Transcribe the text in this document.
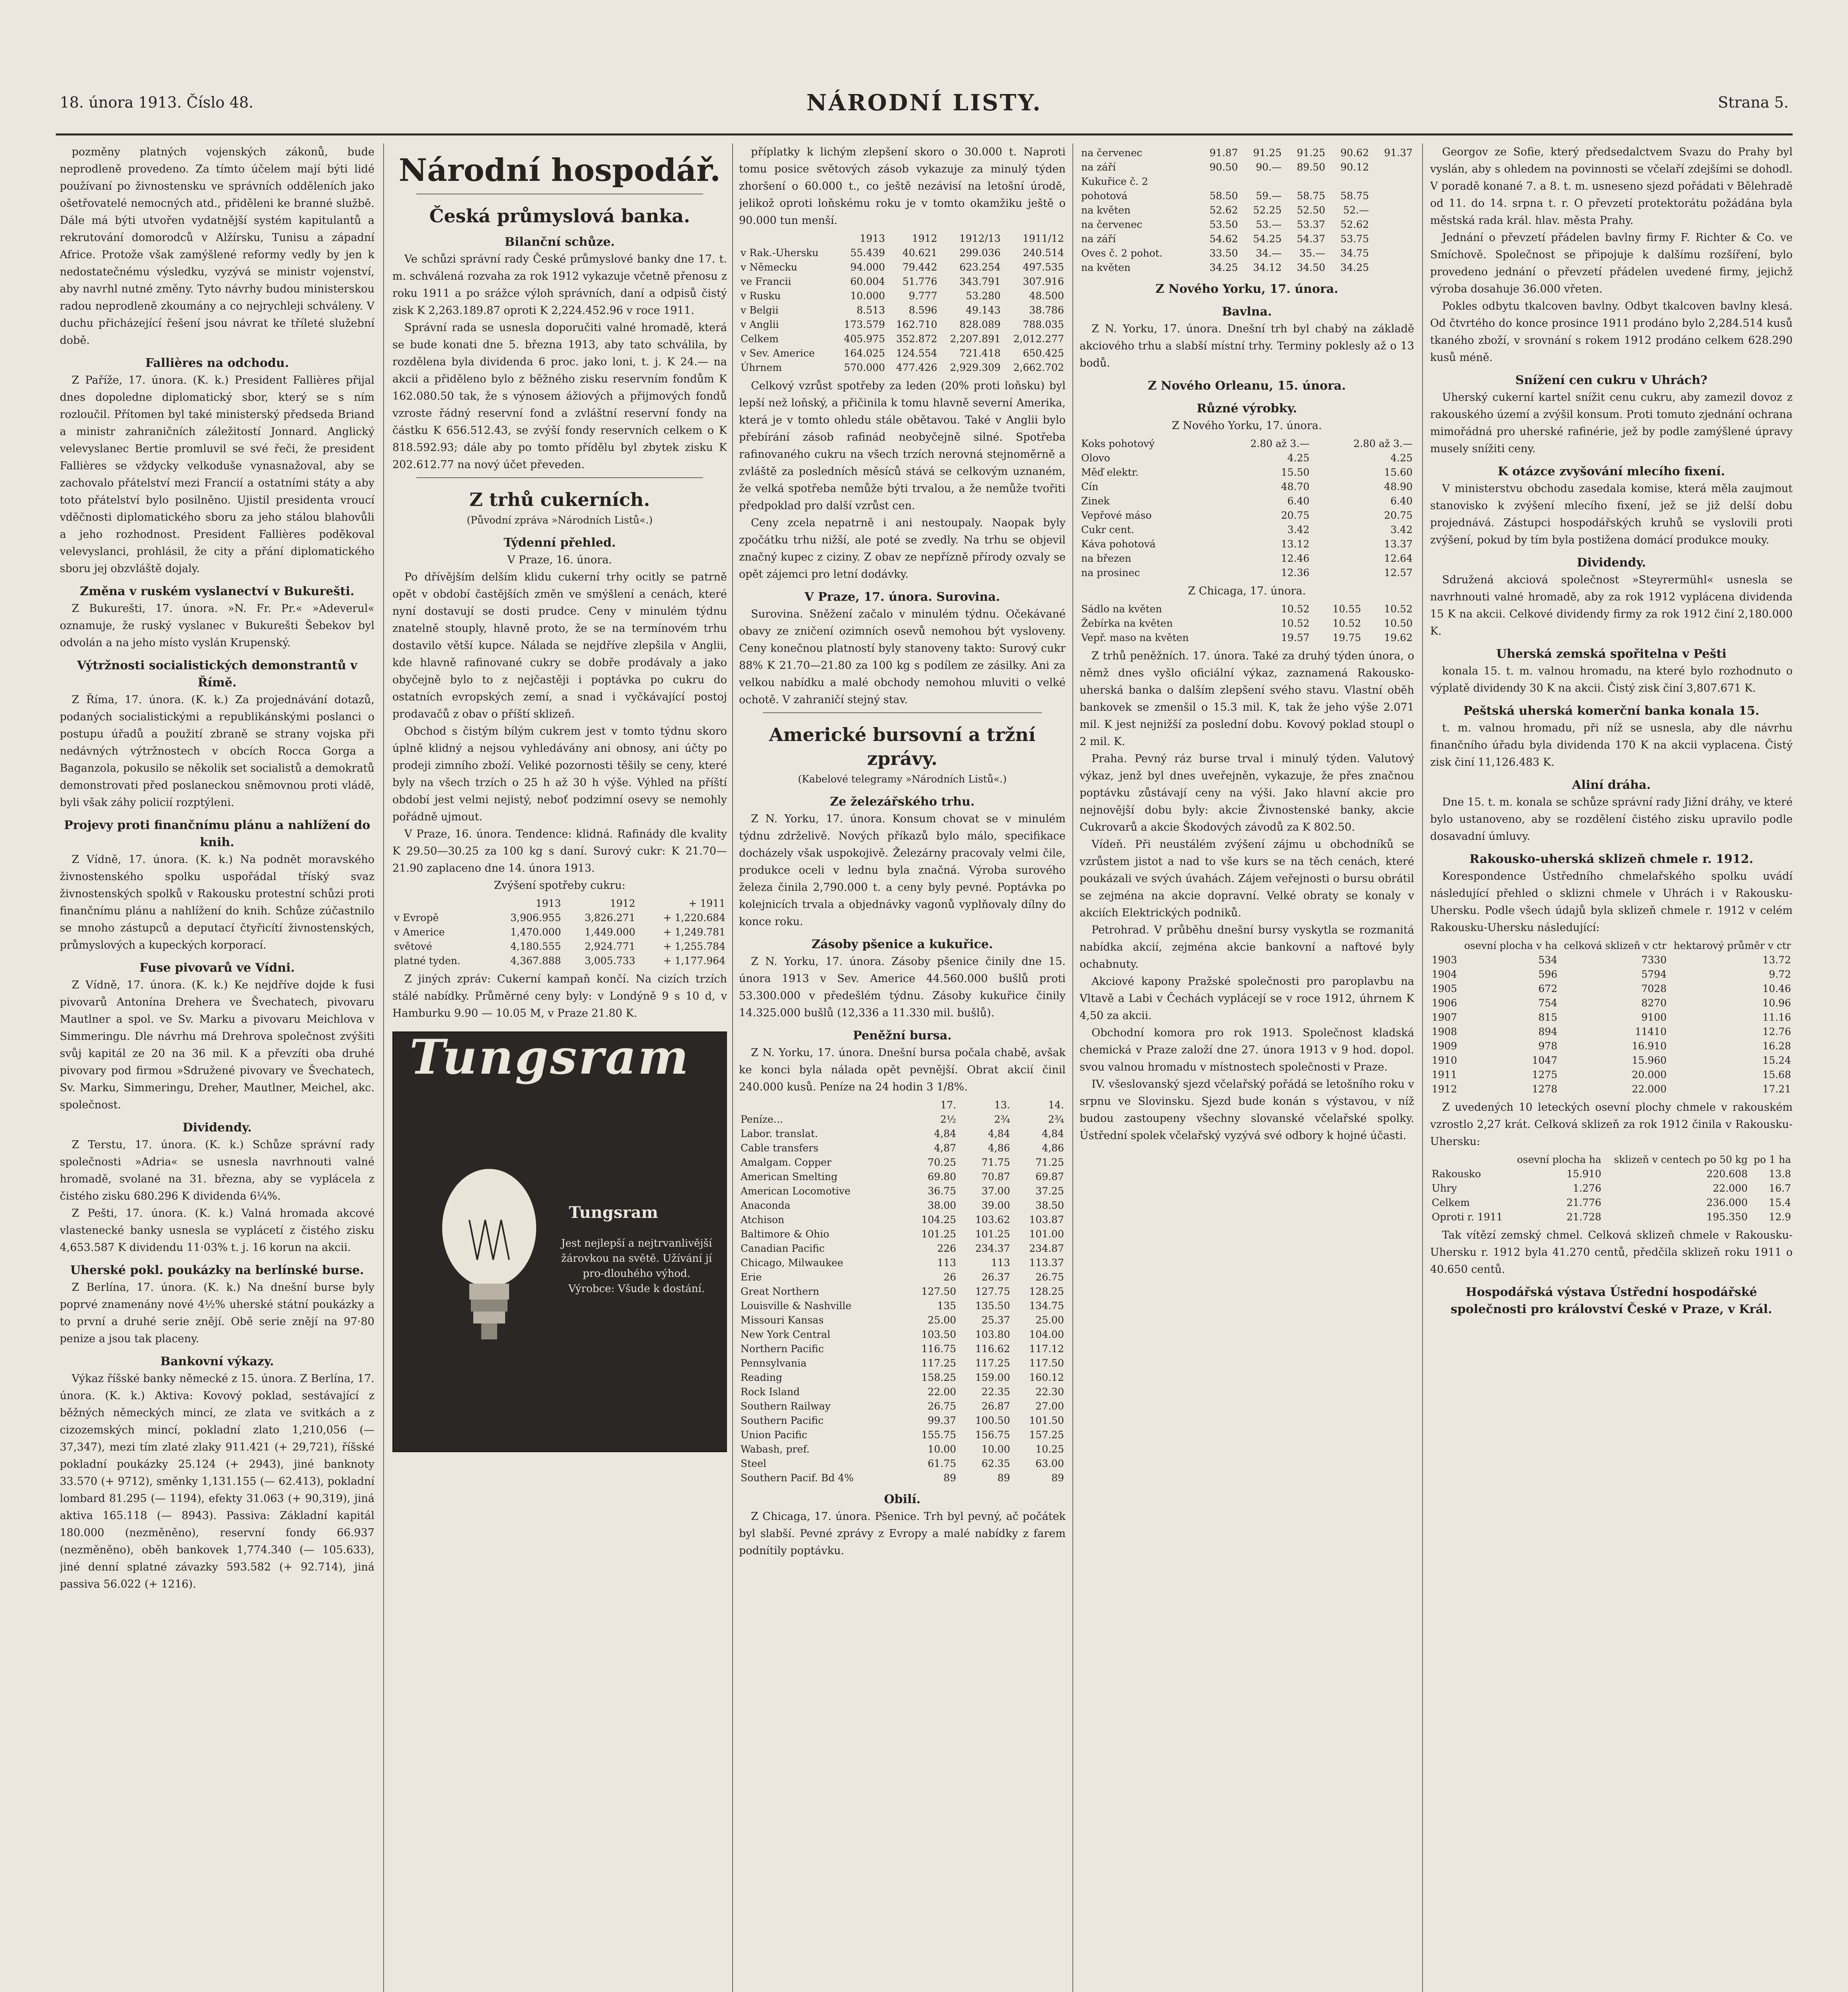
18. února 1913. Číslo 48.	NÁRODNÍ LISTY.	Strana 5.

pozměny platných vojenských zákonů, bude neprodleně provedeno. Za tímto účelem mají býti lidé používaní po živnostensku ve správních odděleních jako ošetřovatelé nemocných atd., přiděleni ke branné službě. Dále má býti utvořen vydatnější systém kapitulantů a rekrutování domorodců v Alžírsku, Tunisu a západní Africe. Protože však zamýšlené reformy vedly by jen k nedostatečnému výsledku, vyzývá se ministr vojenství, aby navrhl nutné změny. Tyto návrhy budou ministerskou radou neprodleně zkoumány a co nejrychleji schváleny. V duchu přicházející řešení jsou návrat ke tříleté služební době.

Fallières na odchodu.

Z Paříže, 17. února. (K. k.) President Fallières přijal dnes dopoledne diplomatický sbor, který se s ním rozloučil. Přítomen byl také ministerský předseda Briand a ministr zahraničních záležitostí Jonnard. Anglický velevyslanec Bertie promluvil se své řeči, že president Fallières se vždycky velkoduše vynasnažoval, aby se zachovalo přátelství mezi Francií a ostatními státy a aby toto přátelství bylo posilněno. Ujistil presidenta vroucí vděčnosti diplomatického sboru za jeho stálou blahovůli a jeho rozhodnost. President Fallières poděkoval velevyslanci, prohlásil, že city a přání diplomatického sboru jej obzvláště dojaly.

Změna v ruském vyslanectví v Bukurešti.

Z Bukurešti, 17. února. »N. Fr. Pr.« »Adeverul« oznamuje, že ruský vyslanec v Bukurešti Šebekov byl odvolán a na jeho místo vyslán Krupenský.

Výtržnosti socialistických demonstrantů v Římě.

Z Říma, 17. února. (K. k.) Za projednávání dotazů, podaných socialistickými a republikánskými poslanci o postupu úřadů a použití zbraně se strany vojska při nedávných výtržnostech v obcích Rocca Gorga a Baganzola, pokusilo se několik set socialistů a demokratů demonstrovati před poslaneckou sněmovnou proti vládě, byli však záhy policií rozptýleni.

Projevy proti finančnímu plánu a nahlížení do knih.

Z Vídně, 17. února. (K. k.) Na podnět moravského živnostenského spolku uspořádal tříský svaz živnostenských spolků v Rakousku protestní schůzi proti finančnímu plánu a nahlížení do knih. Schůze zúčastnilo se mnoho zástupců a deputací čtyřicítí živnostenských, průmyslových a kupeckých korporací.

Fuse pivovarů ve Vídni.

Z Vídně, 17. února. (K. k.) Ke nejdříve dojde k fusi pivovarů Antonína Drehera ve Švechatech, pivovaru Mautlner a spol. ve Sv. Marku a pivovaru Meichlova v Simmeringu. Dle návrhu má Drehrova společnost zvýšiti svůj kapitál ze 20 na 36 mil. K a převzíti oba druhé pivovary pod firmou »Sdružené pivovary ve Švechatech, Sv. Marku, Simmeringu, Dreher, Mautlner, Meichel, akc. společnost.

Dividendy.

Z Terstu, 17. února. (K. k.) Schůze správní rady společnosti »Adria« se usnesla navrhnouti valné hromadě, svolané na 31. března, aby se vyplácela z čistého zisku 680.296 K dividenda 6¼%.

Z Pešti, 17. února. (K. k.) Valná hromada akcové vlastenecké banky usnesla se vyplácetí z čistého zisku 4,653.587 K dividendu 11·03% t. j. 16 korun na akcii.

Uherské pokl. poukázky na berlínské burse.

Z Berlína, 17. února. (K. k.) Na dnešní burse byly poprvé znamenány nové 4½% uherské státní poukázky a to první a druhé serie znějí. Obě serie znějí na 97·80 penize a jsou tak placeny.

Bankovní výkazy.

Výkaz říšské banky německé z 15. února. Z Berlína, 17. února. (K. k.) Aktiva: Kovový poklad, sestávající z běžných německých mincí, ze zlata ve svitkách a z cizozemských mincí, pokladní zlato 1,210,056 (— 37,347), mezi tím zlaté zlaky 911.421 (+ 29,721), říšské pokladní poukázky 25.124 (+ 2943), jiné banknoty 33.570 (+ 9712), směnky 1,131.155 (— 62.413), pokladní lombard 81.295 (— 1194), efekty 31.063 (+ 90,319), jiná aktiva 165.118 (— 8943). Passiva: Základní kapitál 180.000 (nezměněno), reservní fondy 66.937 (nezměněno), oběh bankovek 1,774.340 (— 105.633), jiné denní splatné závazky 593.582 (+ 92.714), jiná passiva 56.022 (+ 1216).

Národní hospodář.

Česká průmyslová banka.

Bilanční schůze.

Ve schůzi správní rady České průmyslové banky dne 17. t. m. schválená rozvaha za rok 1912 vykazuje včetně přenosu z roku 1911 a po srážce výloh správních, daní a odpisů čistý zisk K 2,263.189.87 oproti K 2,224.452.96 v roce 1911.

Správní rada se usnesla doporučiti valné hromadě, která se bude konati dne 5. března 1913, aby tato schválila, by rozdělena byla dividenda 6 proc. jako loni, t. j. K 24.— na akcii a přiděleno bylo z běžného zisku reservním fondům K 162.080.50 tak, že s výnosem ážiových a přijmových fondů vzroste řádný reservní fond a zvláštní reservní fondy na částku K 656.512.43, se zvýší fondy reservních celkem o K 818.592.93; dále aby po tomto přídělu byl zbytek zisku K 202.612.77 na nový účet převeden.

Z trhů cukerních.

(Původní zpráva »Národních Listů«.)

Týdenní přehled.

V Praze, 16. února.

Po dřívějším delším klidu cukerní trhy ocitly se patrně opět v období častějších změn ve smýšlení a cenách, které nyní dostavují se dosti prudce. Ceny v minulém týdnu znatelně stouply, hlavně proto, že se na termínovém trhu dostavilo větší kupce. Nálada se nejdříve zlepšila v Anglii, kde hlavně rafinované cukry se dobře prodávaly a jako obyčejně bylo to z nejčastěji i poptávka po cukru do ostatních evropských zemí, a snad i vyčkávající postoj prodavačů z obav o příští sklizeň.

Obchod s čistým bílým cukrem jest v tomto týdnu skoro úplně klidný a nejsou vyhledávány ani obnosy, ani účty po prodeji zimního zboží. Veliké pozornosti těšily se ceny, které byly na všech trzích o 25 h až 30 h výše. Výhled na příští období jest velmi nejistý, neboť podzimní osevy se nemohly pořádně ujmout.

V Praze, 16. února. Tendence: klidná. Rafinády dle kvality K 29.50—30.25 za 100 kg s daní. Surový cukr: K 21.70—21.90 zaplaceno dne 14. února 1913.

Zvýšení spotřeby cukru:

	1913	1912	+ 1911
v Evropě	3,906.955	3,826.271	+ 1,220.684
v Americe	1,470.000	1,449.000	+ 1,249.781
světové	4,180.555	2,924.771	+ 1,255.784
platné tyden.	4,367.888	3,005.733	+ 1,177.964

Z jiných zpráv: Cukerní kampaň končí. Na cizích trzích stálé nabídky. Průměrné ceny byly: v Londýně 9 s 10 d, v Hamburku 9.90 — 10.05 M, v Praze 21.80 K.

Tungsram
Tungsram
Jest nejlepší a nejtrvanlivější žárovkou na světě. Užívání jí pro-dlouhého výhod. Výrobce: Všude k dostání.

příplatky k lichým zlepšení skoro o 30.000 t. Naproti tomu posice světových zásob vykazuje za minulý týden zhoršení o 60.000 t., co ještě nezávisí na letošní úrodě, jelikož oproti loňskému roku je v tomto okamžiku ještě o 90.000 tun menší.

	1913	1912	1912/13	1911/12
v Rak.-Uhersku	55.439	40.621	299.036	240.514
v Německu	94.000	79.442	623.254	497.535
ve Francii	60.004	51.776	343.791	307.916
v Rusku	10.000	9.777	53.280	48.500
v Belgii	8.513	8.596	49.143	38.786
v Anglii	173.579	162.710	828.089	788.035
Celkem	405.975	352.872	2,207.891	2,012.277
v Sev. Americe	164.025	124.554	721.418	650.425
Úhrnem	570.000	477.426	2,929.309	2,662.702

Celkový vzrůst spotřeby za leden (20% proti loňsku) byl lepší než loňský, a přičinila k tomu hlavně severní Amerika, která je v tomto ohledu stále obětavou. Také v Anglii bylo přebírání zásob rafinád neobyčejně silné. Spotřeba rafinovaného cukru na všech trzích nerovná stejnoměrně a zvláště za posledních měsíců stává se celkovým uznaném, že velká spotřeba nemůže býti trvalou, a že nemůže tvořiti předpoklad pro další vzrůst cen.

Ceny zcela nepatrně i ani nestoupaly. Naopak byly zpočátku trhu nižší, ale poté se zvedly. Na trhu se objevil značný kupec z ciziny. Z obav ze nepřízně přírody ozvaly se opět zájemci pro letní dodávky.

V Praze, 17. února. Surovina.

Surovina. Sněžení začalo v minulém týdnu. Očekávané obavy ze zničení ozimních osevů nemohou být vysloveny. Ceny konečnou platností byly stanoveny takto: Surový cukr 88% K 21.70—21.80 za 100 kg s podílem ze zásilky. Ani za velkou nabídku a malé obchody nemohou mluviti o velké ochotě. V zahraničí stejný stav.

Americké bursovní a tržní zprávy.

(Kabelové telegramy »Národních Listů«.)

Ze železářského trhu.

Z N. Yorku, 17. února. Konsum chovat se v minulém týdnu zdrželivě. Nových příkazů bylo málo, specifikace docházely však uspokojivě. Železárny pracovaly velmi čile, produkce oceli v lednu byla značná. Výroba surového železa činila 2,790.000 t. a ceny byly pevné. Poptávka po kolejnicích trvala a objednávky vagonů vyplňovaly dílny do konce roku.

Zásoby pšenice a kukuřice.

Z N. Yorku, 17. února. Zásoby pšenice činily dne 15. února 1913 v Sev. Americe 44.560.000 bušlů proti 53.300.000 v předešlém týdnu. Zásoby kukuřice činily 14.325.000 bušlů (12,336 a 11.330 mil. bušlů).

Peněžní bursa.

Z N. Yorku, 17. února. Dnešní bursa počala chabě, avšak ke konci byla nálada opět pevnější. Obrat akcií činil 240.000 kusů. Peníze na 24 hodin 3 1/8%.

	17.	13.	14.
Peníze...	2½	2¾	2¾
Labor. translat.	4,84	4,84	4,84
Cable transfers	4,87	4,86	4,86
Amalgam. Copper	70.25	71.75	71.25
American Smelting	69.80	70.87	69.87
American Locomotive	36.75	37.00	37.25
Anaconda	38.00	39.00	38.50
Atchison	104.25	103.62	103.87
Baltimore & Ohio	101.25	101.25	101.00
Canadian Pacific	226	234.37	234.87
Chicago, Milwaukee	113	113	113.37
Erie	26	26.37	26.75
Great Northern	127.50	127.75	128.25
Louisville & Nashville	135	135.50	134.75
Missouri Kansas	25.00	25.37	25.00
New York Central	103.50	103.80	104.00
Northern Pacific	116.75	116.62	117.12
Pennsylvania	117.25	117.25	117.50
Reading	158.25	159.00	160.12
Rock Island	22.00	22.35	22.30
Southern Railway	26.75	26.87	27.00
Southern Pacific	99.37	100.50	101.50
Union Pacific	155.75	156.75	157.25
Wabash, pref.	10.00	10.00	10.25
Steel	61.75	62.35	63.00
Southern Pacif. Bd 4%	89	89	89

Obilí.

Z Chicaga, 17. února. Pšenice. Trh byl pevný, ač počátek byl slabší. Pevné zprávy z Evropy a malé nabídky z farem podnítily poptávku.

na červenec	91.87	91.25	91.25	90.62	91.37
na září	90.50	90.—	89.50	90.12	
Kukuřice č. 2					
pohotová	58.50	59.—	58.75	58.75	
na květen	52.62	52.25	52.50	52.—	
na červenec	53.50	53.—	53.37	52.62	
na září	54.62	54.25	54.37	53.75	
Oves č. 2 pohot.	33.50	34.—	35.—	34.75	
na květen	34.25	34.12	34.50	34.25	

Z Nového Yorku, 17. února.

Bavlna.

Z N. Yorku, 17. února. Dnešní trh byl chabý na základě akciového trhu a slabší místní trhy. Terminy poklesly až o 13 bodů.

Z Nového Orleanu, 15. února.

Různé výrobky.

Z Nového Yorku, 17. února.

Koks pohotový	2.80 až 3.—	2.80 až 3.—
Olovo	4.25	4.25
Měď elektr.	15.50	15.60
Cín	48.70	48.90
Zinek	6.40	6.40
Vepřové máso	20.75	20.75
Cukr cent.	3.42	3.42
Káva pohotová	13.12	13.37
na březen	12.46	12.64
na prosinec	12.36	12.57

Z Chicaga, 17. února.

Sádlo na květen	10.52	10.55	10.52
Žebírka na květen	10.52	10.52	10.50
Vepř. maso na květen	19.57	19.75	19.62

Z trhů peněžních. 17. února. Také za druhý týden února, o němž dnes vyšlo oficiální výkaz, zaznamená Rakousko-uherská banka o dalším zlepšení svého stavu. Vlastní oběh bankovek se zmenšil o 15.3 mil. K, tak že jeho výše 2.071 mil. K jest nejnižší za poslední dobu. Kovový poklad stoupl o 2 mil. K.

Praha. Pevný ráz burse trval i minulý týden. Valutový výkaz, jenž byl dnes uveřejněn, vykazuje, že přes značnou poptávku zůstávají ceny na výši. Jako hlavní akcie pro nejnovější dobu byly: akcie Živnostenské banky, akcie Cukrovarů a akcie Škodových závodů za K 802.50.

Vídeň. Při neustálém zvýšení zájmu u obchodníků se vzrůstem jistot a nad to vše kurs se na těch cenách, které poukázali ve svých úvahách. Zájem veřejnosti o bursu obrátil se zejména na akcie dopravní. Velké obraty se konaly v akciích Elektrických podniků.

Petrohrad. V průběhu dnešní bursy vyskytla se rozmanitá nabídka akcií, zejména akcie bankovní a naftové byly ochabnuty.

Akciové kapony Pražské společnosti pro paroplavbu na Vltavě a Labi v Čechách vyplácejí se v roce 1912, úhrnem K 4,50 za akcii.

Obchodní komora pro rok 1913. Společnost kladská chemická v Praze založí dne 27. února 1913 v 9 hod. dopol. svou valnou hromadu v místnostech společnosti v Praze.

IV. všeslovanský sjezd včelařský pořádá se letošního roku v srpnu ve Slovinsku. Sjezd bude konán s výstavou, v níž budou zastoupeny všechny slovanské včelařské spolky. Ústřední spolek včelařský vyzývá své odbory k hojné účasti.

Georgov ze Sofie, který předsedalctvem Svazu do Prahy byl vyslán, aby s ohledem na povinnosti se včelaří zdejšími se dohodl. V poradě konané 7. a 8. t. m. usneseno sjezd pořádati v Bělehradě od 11. do 14. srpna t. r. O převzetí protektorátu požádána byla městská rada král. hlav. města Prahy.

Jednání o převzetí přádelen bavlny firmy F. Richter & Co. ve Smíchově. Společnost se připojuje k dalšímu rozšíření, bylo provedeno jednání o převzetí přádelen uvedené firmy, jejichž výroba dosahuje 36.000 vřeten.

Pokles odbytu tkalcoven bavlny. Odbyt tkalcoven bavlny klesá. Od čtvrtého do konce prosince 1911 prodáno bylo 2,284.514 kusů tkaného zboží, v srovnání s rokem 1912 prodáno celkem 628.290 kusů méně.

Snížení cen cukru v Uhrách?

Uherský cukerní kartel snížit cenu cukru, aby zamezil dovoz z rakouského území a zvýšil konsum. Proti tomuto zjednání ochrana mimořádná pro uherské rafinérie, jež by podle zamýšlené úpravy musely snížiti ceny.

K otázce zvyšování mlecího fixení.

V ministerstvu obchodu zasedala komise, která měla zaujmout stanovisko k zvýšení mlecího fixení, jež se již delší dobu projednává. Zástupci hospodářských kruhů se vyslovili proti zvýšení, pokud by tím byla postižena domácí produkce mouky.

Dividendy.

Sdružená akciová společnost »Steyrermühl« usnesla se navrhnouti valné hromadě, aby za rok 1912 vyplácena dividenda 15 K na akcii. Celkové dividendy firmy za rok 1912 činí 2,180.000 K.

Uherská zemská spořitelna v Pešti

konala 15. t. m. valnou hromadu, na které bylo rozhodnuto o výplatě dividendy 30 K na akcii. Čistý zisk činí 3,807.671 K.

Peštská uherská komerční banka konala 15.

t. m. valnou hromadu, při níž se usnesla, aby dle návrhu finančního úřadu byla dividenda 170 K na akcii vyplacena. Čistý zisk činí 11,126.483 K.

Aliní dráha.

Dne 15. t. m. konala se schůze správní rady Jižní dráhy, ve které bylo ustanoveno, aby se rozdělení čistého zisku upravilo podle dosavadní úmluvy.

Rakousko-uherská sklizeň chmele r. 1912.

Korespondence Ústředního chmelařského spolku uvádí následující přehled o sklizni chmele v Uhrách i v Rakousku-Uhersku. Podle všech údajů byla sklizeň chmele r. 1912 v celém Rakousku-Uhersku následující:

	osevní plocha v ha	celková sklizeň v ctr	hektarový průměr v ctr
1903	534	7330	13.72
1904	596	5794	9.72
1905	672	7028	10.46
1906	754	8270	10.96
1907	815	9100	11.16
1908	894	11410	12.76
1909	978	16.910	16.28
1910	1047	15.960	15.24
1911	1275	20.000	15.68
1912	1278	22.000	17.21

Z uvedených 10 leteckých osevní plochy chmele v rakouském vzrostlo 2,27 krát. Celková sklizeň za rok 1912 činila v Rakousku-Uhersku:

	osevní plocha ha	sklizeň v centech po 50 kg	po 1 ha
Rakousko	15.910	220.608	13.8
Uhry	1.276	22.000	16.7
Celkem	21.776	236.000	15.4
Oproti r. 1911	21.728	195.350	12.9

Tak vítězí zemský chmel. Celková sklizeň chmele v Rakousku-Uhersku r. 1912 byla 41.270 centů, předčila sklizeň roku 1911 o 40.650 centů.

Hospodářská výstava Ústřední hospodářské společnosti pro království České v Praze, v Král.
